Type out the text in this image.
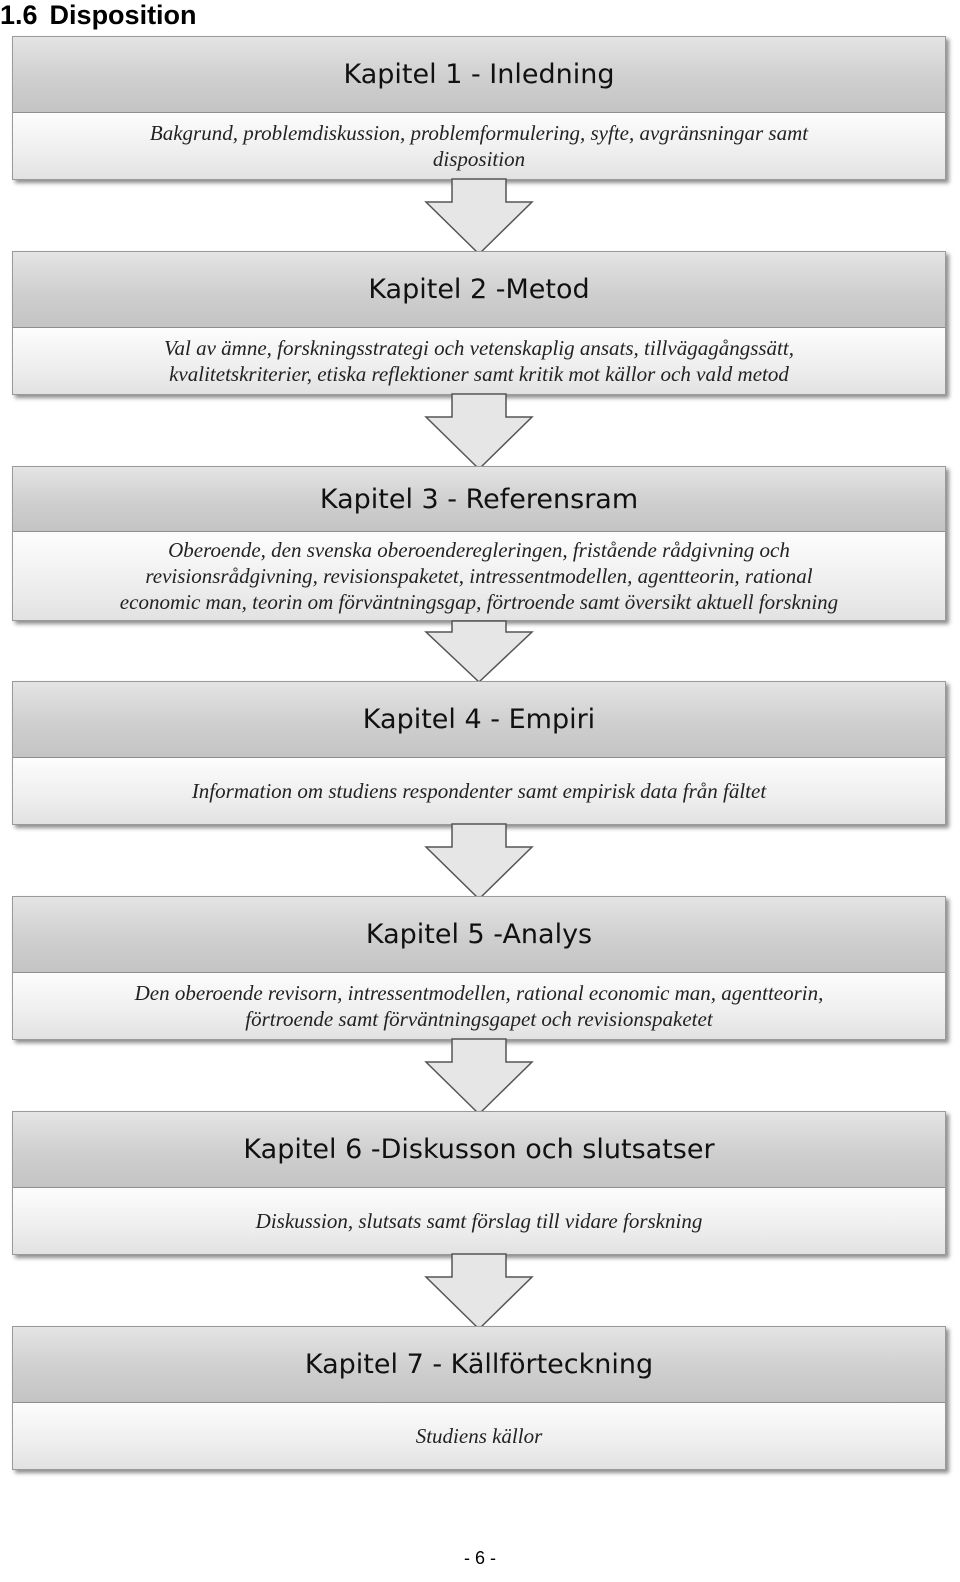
1.6 Disposition
Kapitel 1 - Inledning
Bakgrund, problemdiskussion, problemformulering, syfte, avgränsningar samt
disposition
Kapitel 2 -Metod
Val av ämne, forskningsstrategi och vetenskaplig ansats, tillvägagångssätt,
kvalitetskriterier, etiska reflektioner samt kritik mot källor och vald metod
Kapitel 3 - Referensram
Oberoende, den svenska oberoenderegleringen, fristående rådgivning och
revisionsrådgivning, revisionspaketet, intressentmodellen, agentteorin, rational
economic man, teorin om förväntningsgap, förtroende samt översikt aktuell forskning
Kapitel 4 - Empiri
Information om studiens respondenter samt empirisk data från fältet
Kapitel 5 -Analys
Den oberoende revisorn, intressentmodellen, rational economic man, agentteorin,
förtroende samt förväntningsgapet och revisionspaketet
Kapitel 6 -Diskusson och slutsatser
Diskussion, slutsats samt förslag till vidare forskning
Kapitel 7 - Källförteckning
Studiens källor
- 6 -
